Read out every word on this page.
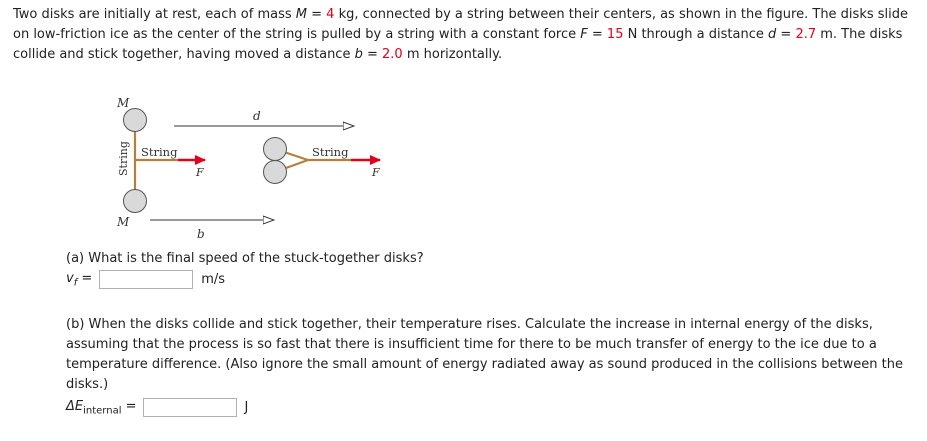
Two disks are initially at rest, each of mass M = 4 kg, connected by a string between their centers, as shown in the figure. The disks slide on low-friction ice as the center of the string is pulled by a string with a constant force F = 15 N through a distance d = 2.7 m. The disks collide and stick together, having moved a distance b = 2.0 m horizontally.
M
M
String String
F
d
b
String
F
(a) What is the final speed of the stuck-together disks?
$v_f$ =	m/s
(b) When the disks collide and stick together, their temperature rises. Calculate the increase in internal energy of the disks, assuming that the process is so fast that there is insufficient time for there to be much transfer of energy to the ice due to a temperature difference. (Also ignore the small amount of energy radiated away as sound produced in the collisions between the disks.)
$\Delta E_{internal}$ =	J
